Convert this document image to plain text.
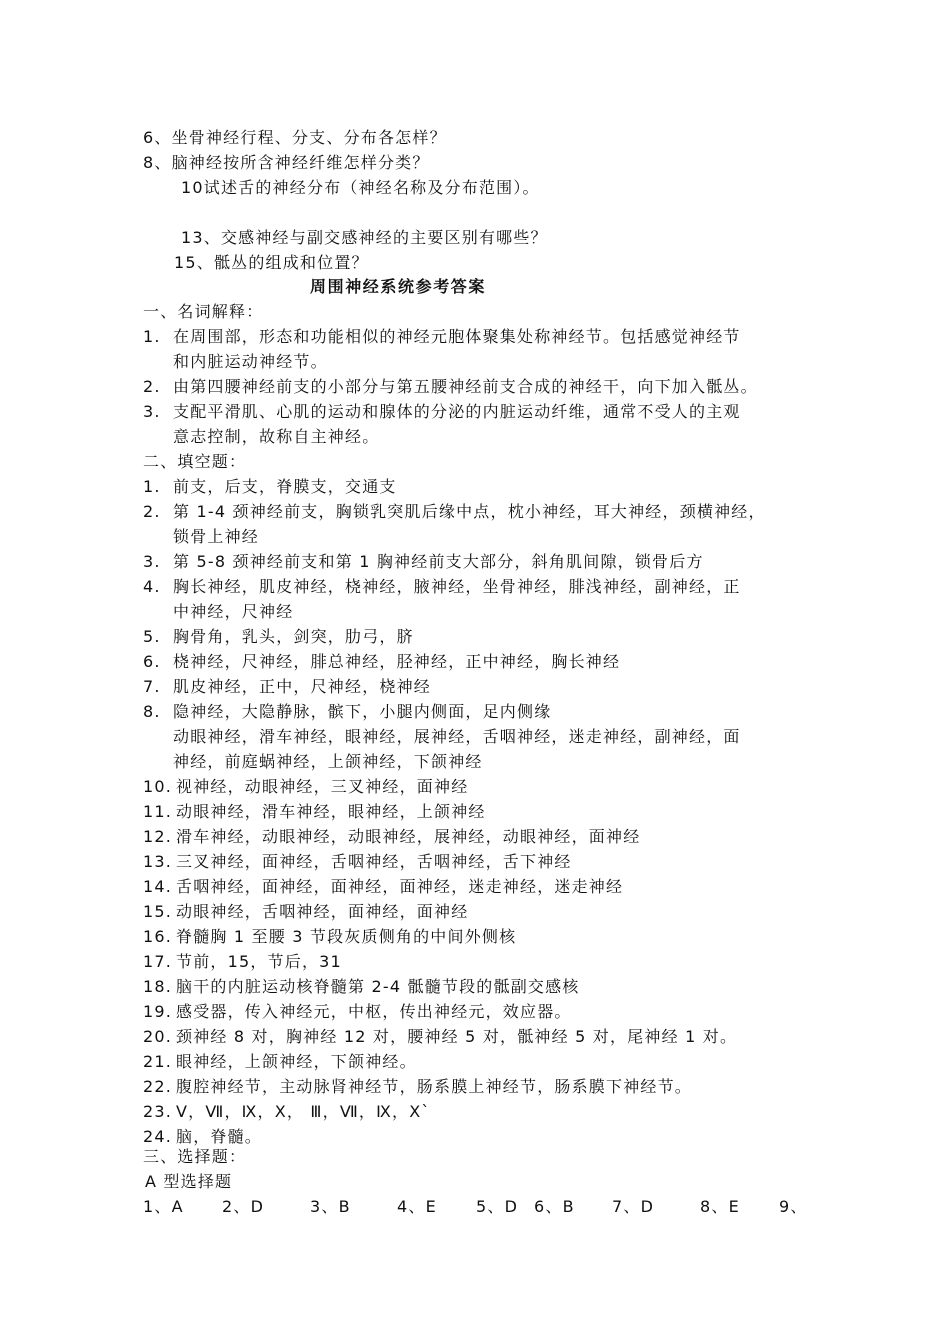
6、坐骨神经行程、分支、分布各怎样？
8、脑神经按所含神经纤维怎样分类？
10试述舌的神经分布（神经名称及分布范围）。
13、交感神经与副交感神经的主要区别有哪些？
15、骶丛的组成和位置？
周围神经系统参考答案
一、名词解释：
1. 在周围部，形态和功能相似的神经元胞体聚集处称神经节。包括感觉神经节
和内脏运动神经节。
2. 由第四腰神经前支的小部分与第五腰神经前支合成的神经干，向下加入骶丛。
3. 支配平滑肌、心肌的运动和腺体的分泌的内脏运动纤维，通常不受人的主观
意志控制，故称自主神经。
二、填空题：
1. 前支，后支，脊膜支，交通支
2. 第 1-4 颈神经前支，胸锁乳突肌后缘中点，枕小神经，耳大神经，颈横神经，
锁骨上神经
3. 第 5-8 颈神经前支和第 1 胸神经前支大部分，斜角肌间隙，锁骨后方
4. 胸长神经，肌皮神经，桡神经，腋神经，坐骨神经，腓浅神经，副神经，正
中神经，尺神经
5. 胸骨角，乳头，剑突，肋弓，脐
6. 桡神经，尺神经，腓总神经，胫神经，正中神经，胸长神经
7. 肌皮神经，正中，尺神经，桡神经
8. 隐神经，大隐静脉，髌下，小腿内侧面，足内侧缘
动眼神经，滑车神经，眼神经，展神经，舌咽神经，迷走神经，副神经，面
神经，前庭蜗神经，上颌神经，下颌神经
10. 视神经，动眼神经，三叉神经，面神经
11. 动眼神经，滑车神经，眼神经，上颌神经
12. 滑车神经，动眼神经，动眼神经，展神经，动眼神经，面神经
13. 三叉神经，面神经，舌咽神经，舌咽神经，舌下神经
14. 舌咽神经，面神经，面神经，面神经，迷走神经，迷走神经
15. 动眼神经，舌咽神经，面神经，面神经
16. 脊髓胸 1 至腰 3 节段灰质侧角的中间外侧核
17. 节前，15，节后，31
18. 脑干的内脏运动核脊髓第 2-4 骶髓节段的骶副交感核
19. 感受器，传入神经元，中枢，传出神经元，效应器。
20. 颈神经 8 对，胸神经 12 对，腰神经 5 对，骶神经 5 对，尾神经 1 对。
21. 眼神经，上颌神经，下颌神经。
22. 腹腔神经节，主动脉肾神经节，肠系膜上神经节，肠系膜下神经节。
23. Ⅴ，Ⅶ，Ⅸ，Ⅹ， Ⅲ，Ⅶ，Ⅸ，Ⅹ`
24. 脑，脊髓。
三、选择题：
A 型选择题
1、A 2、D	3、B	4、E 5、D 6、B 7、D	8、E 9、
